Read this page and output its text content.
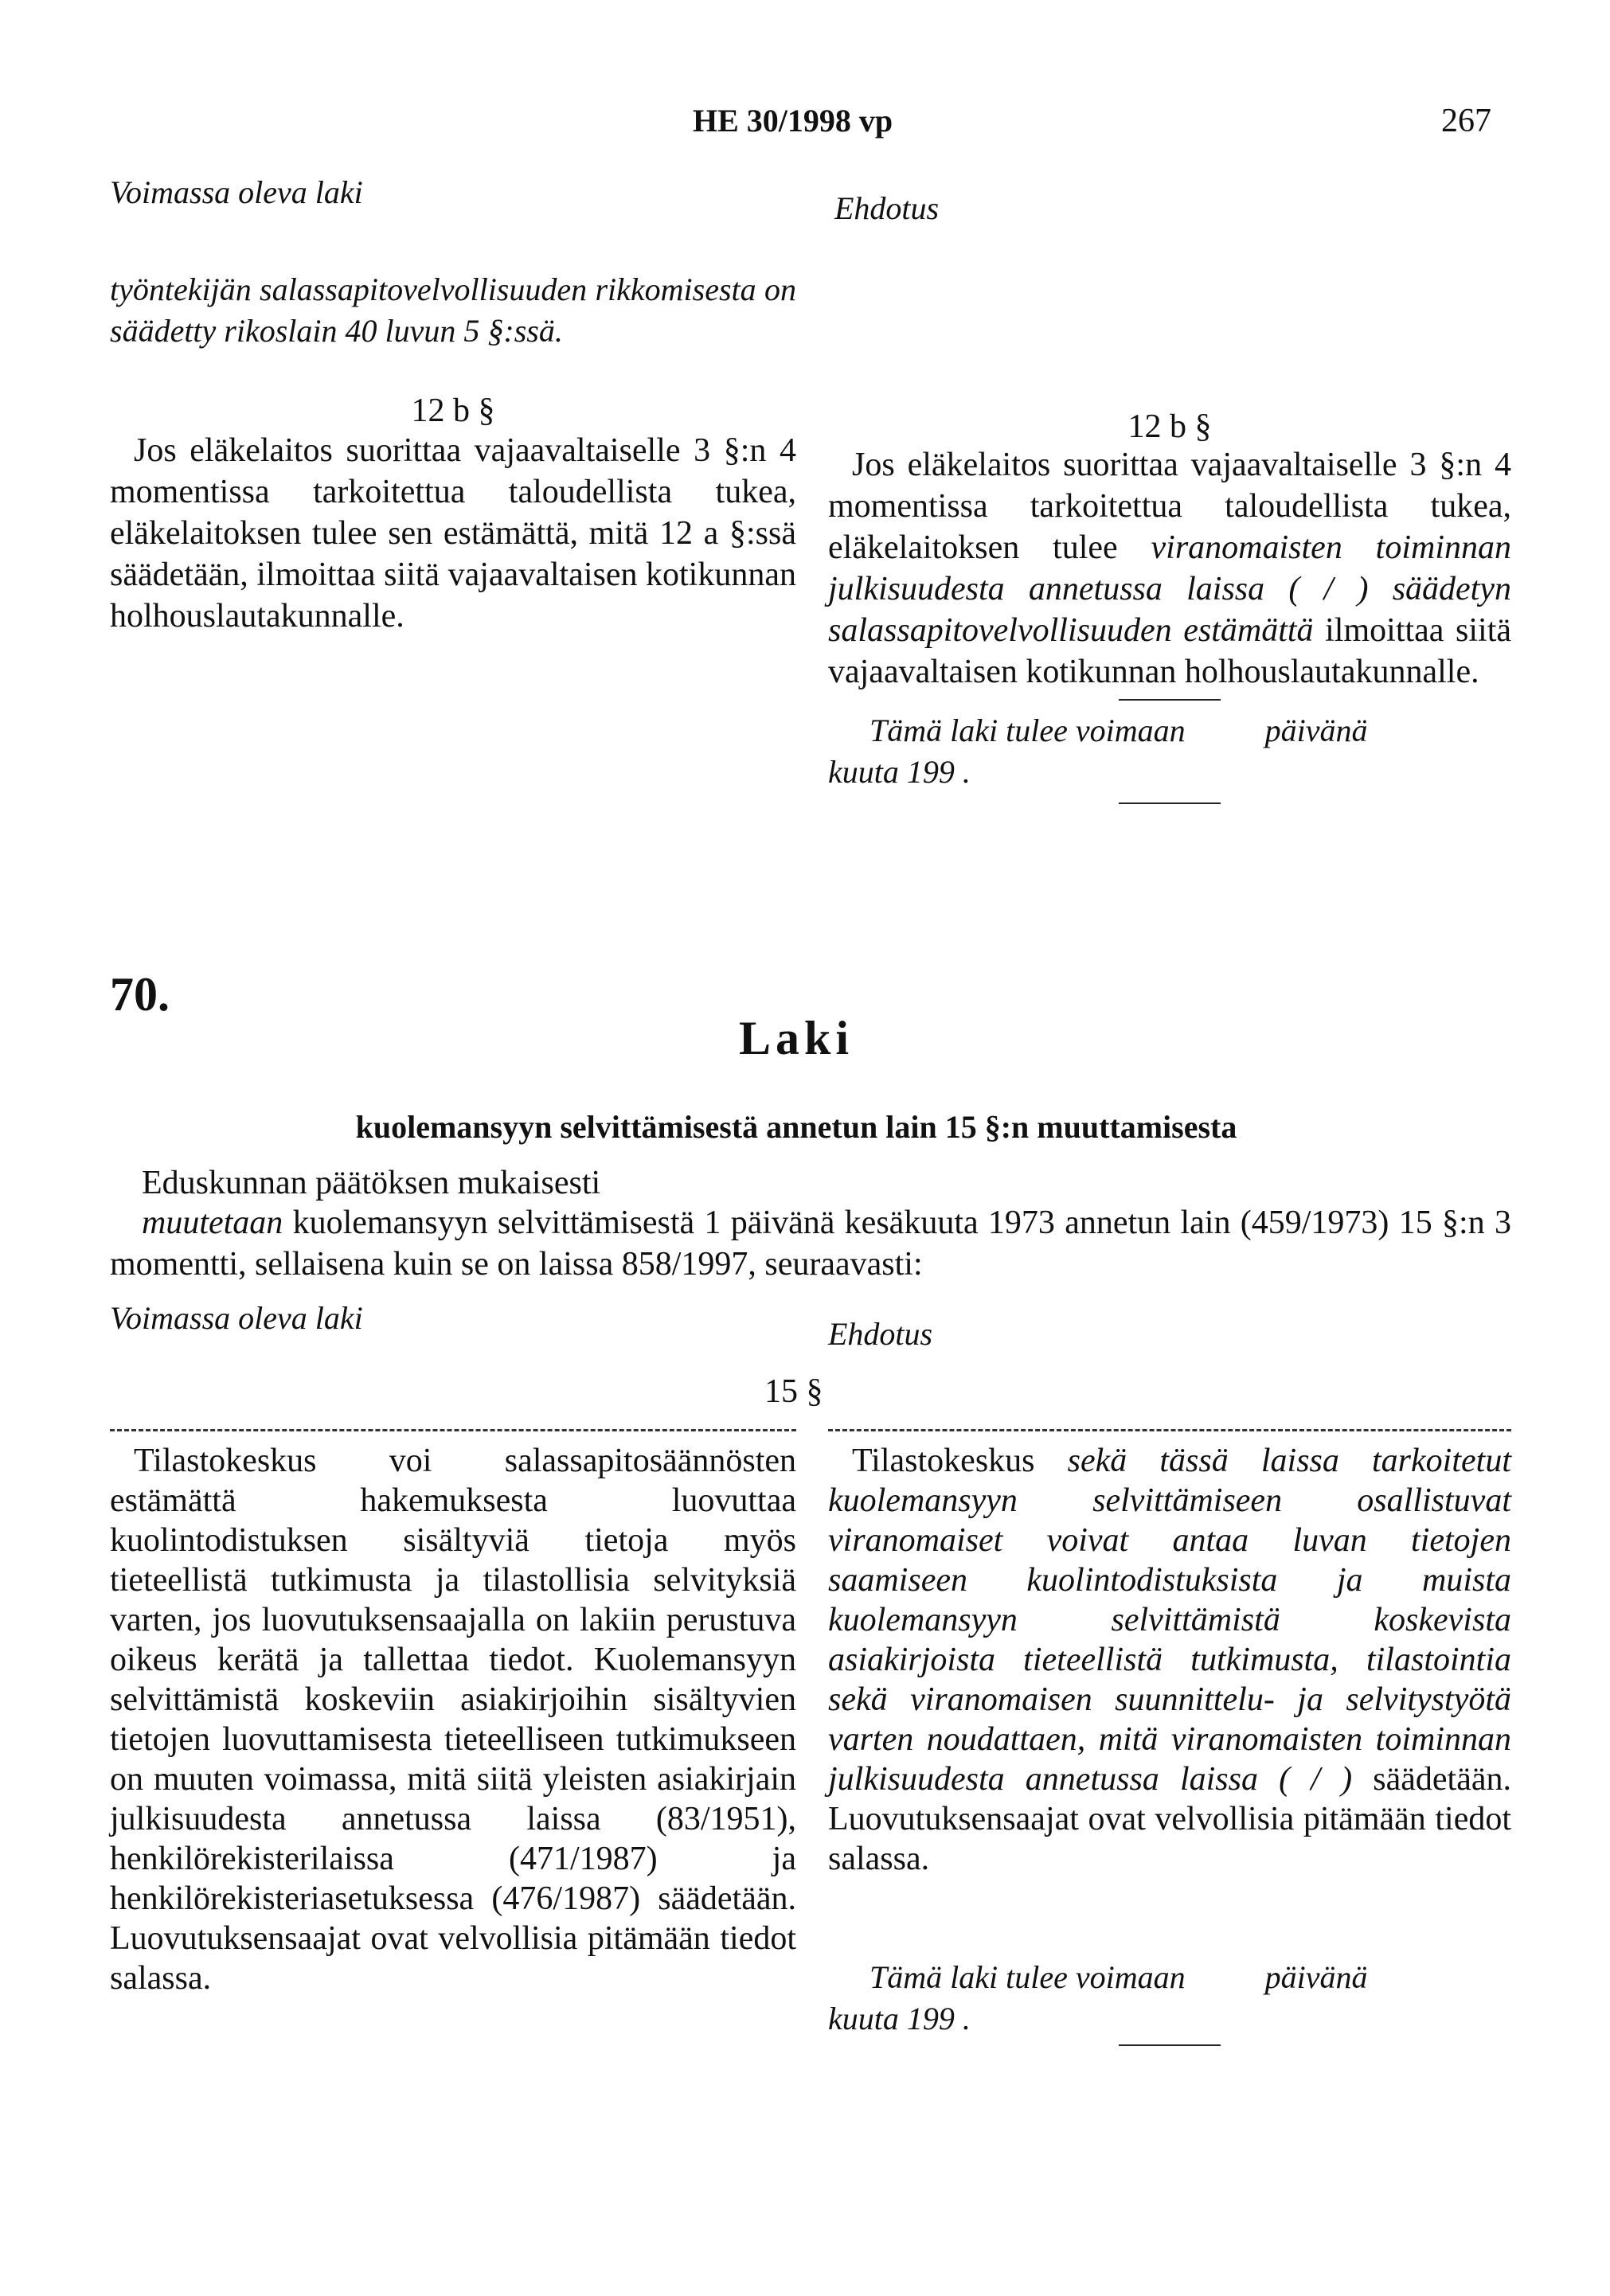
HE 30/1998 vp	267
Voimassa oleva laki	Ehdotus
työntekijän salassapitovelvollisuuden rikkomisesta on säädetty rikoslain 40 luvun 5 §:ssä.
12 b §
Jos eläkelaitos suorittaa vajaavaltaiselle 3 §:n 4 momentissa tarkoitettua taloudellista tukea, eläkelaitoksen tulee sen estämättä, mitä 12 a §:ssä säädetään, ilmoittaa siitä vajaavaltaisen kotikunnan holhouslautakunnalle.
12 b §
Jos eläkelaitos suorittaa vajaavaltaiselle 3 §:n 4 momentissa tarkoitettua taloudellista tukea, eläkelaitoksen tulee viranomaisten toiminnan julkisuudesta annetussa laissa ( / ) säädetyn salassapitovelvollisuuden estämättä ilmoittaa siitä vajaavaltaisen kotikunnan holhouslautakunnalle.
Tämä laki tulee voimaan          päivänä kuuta 199 .
70.
Laki
kuolemansyyn selvittämisestä annetun lain 15 §:n muuttamisesta
Eduskunnan päätöksen mukaisesti
muutetaan kuolemansyyn selvittämisestä 1 päivänä kesäkuuta 1973 annetun lain (459/1973) 15 §:n 3 momentti, sellaisena kuin se on laissa 858/1997, seuraavasti:
Voimassa oleva laki	Ehdotus
15 §
Tilastokeskus voi salassapitosäännösten estämättä hakemuksesta luovuttaa kuolintodistuksen sisältyviä tietoja myös tieteellistä tutkimusta ja tilastollisia selvityksiä varten, jos luovutuksensaajalla on lakiin perustuva oikeus kerätä ja tallettaa tiedot. Kuolemansyyn selvittämistä koskeviin asiakirjoihin sisältyvien tietojen luovuttamisesta tieteelliseen tutkimukseen on muuten voimassa, mitä siitä yleisten asiakirjain julkisuudesta annetussa laissa (83/1951), henkilörekisterilaissa (471/1987) ja henkilörekisteriasetuksessa (476/1987) säädetään. Luovutuksensaajat ovat velvollisia pitämään tiedot salassa.
Tilastokeskus sekä tässä laissa tarkoitetut kuolemansyyn selvittämiseen osallistuvat viranomaiset voivat antaa luvan tietojen saamiseen kuolintodistuksista ja muista kuolemansyyn selvittämistä koskevista asiakirjoista tieteellistä tutkimusta, tilastointia sekä viranomaisen suunnittelu- ja selvitystyötä varten noudattaen, mitä viranomaisten toiminnan julkisuudesta annetussa laissa ( / ) säädetään. Luovutuksensaajat ovat velvollisia pitämään tiedot salassa.
Tämä laki tulee voimaan          päivänä kuuta 199 .
